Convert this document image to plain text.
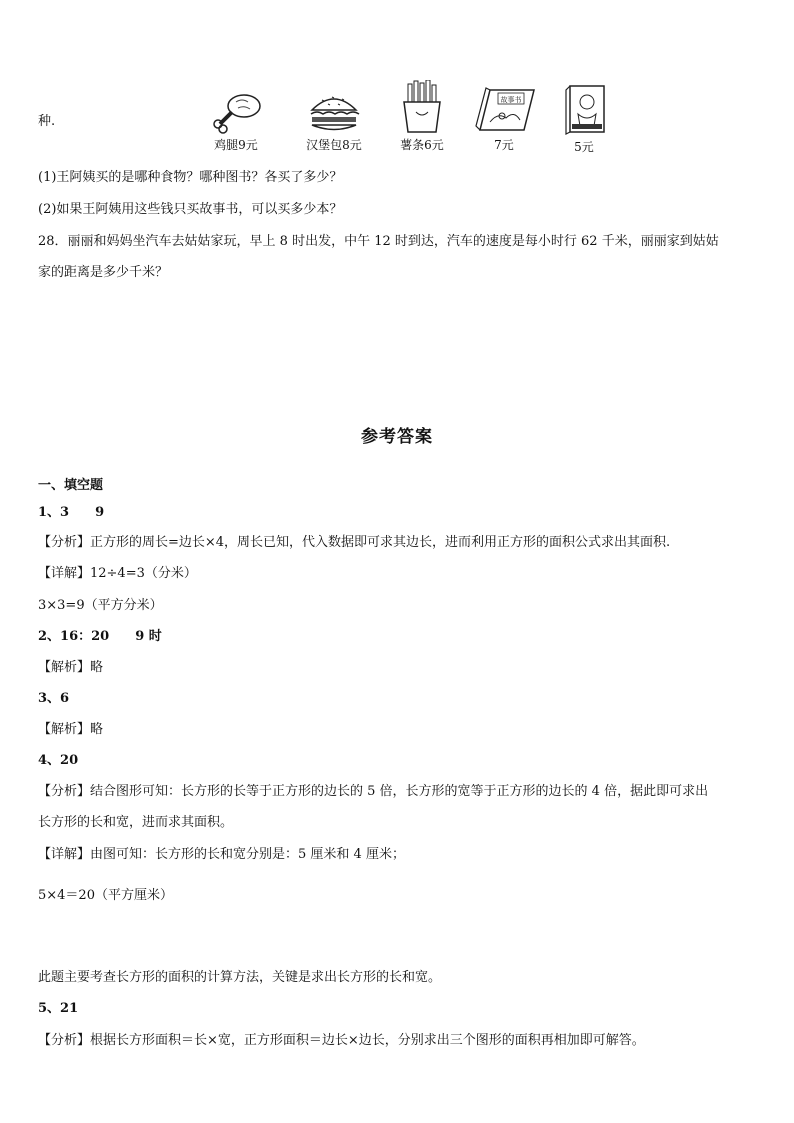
种.
鸡腿9元	汉堡包8元	薯条6元
故事书
7元	5元
(1)王阿姨买的是哪种食物？哪种图书？各买了多少？
(2)如果王阿姨用这些钱只买故事书，可以买多少本？
28．丽丽和妈妈坐汽车去姑姑家玩，早上 8 时出发，中午 12 时到达，汽车的速度是每小时行 62 千米，丽丽家到姑姑
家的距离是多少千米？
参考答案
一、填空题
1、3　　9
【分析】正方形的周长=边长×4，周长已知，代入数据即可求其边长，进而利用正方形的面积公式求出其面积.
【详解】12÷4=3（分米）
3×3=9（平方分米）
2、16：20　　9 时
【解析】略
3、6
【解析】略
4、20
【分析】结合图形可知：长方形的长等于正方形的边长的 5 倍，长方形的宽等于正方形的边长的 4 倍，据此即可求出
长方形的长和宽，进而求其面积。
【详解】由图可知：长方形的长和宽分别是：5 厘米和 4 厘米；
5×4＝20（平方厘米）
此题主要考查长方形的面积的计算方法，关键是求出长方形的长和宽。
5、21
【分析】根据长方形面积＝长×宽，正方形面积＝边长×边长，分别求出三个图形的面积再相加即可解答。
